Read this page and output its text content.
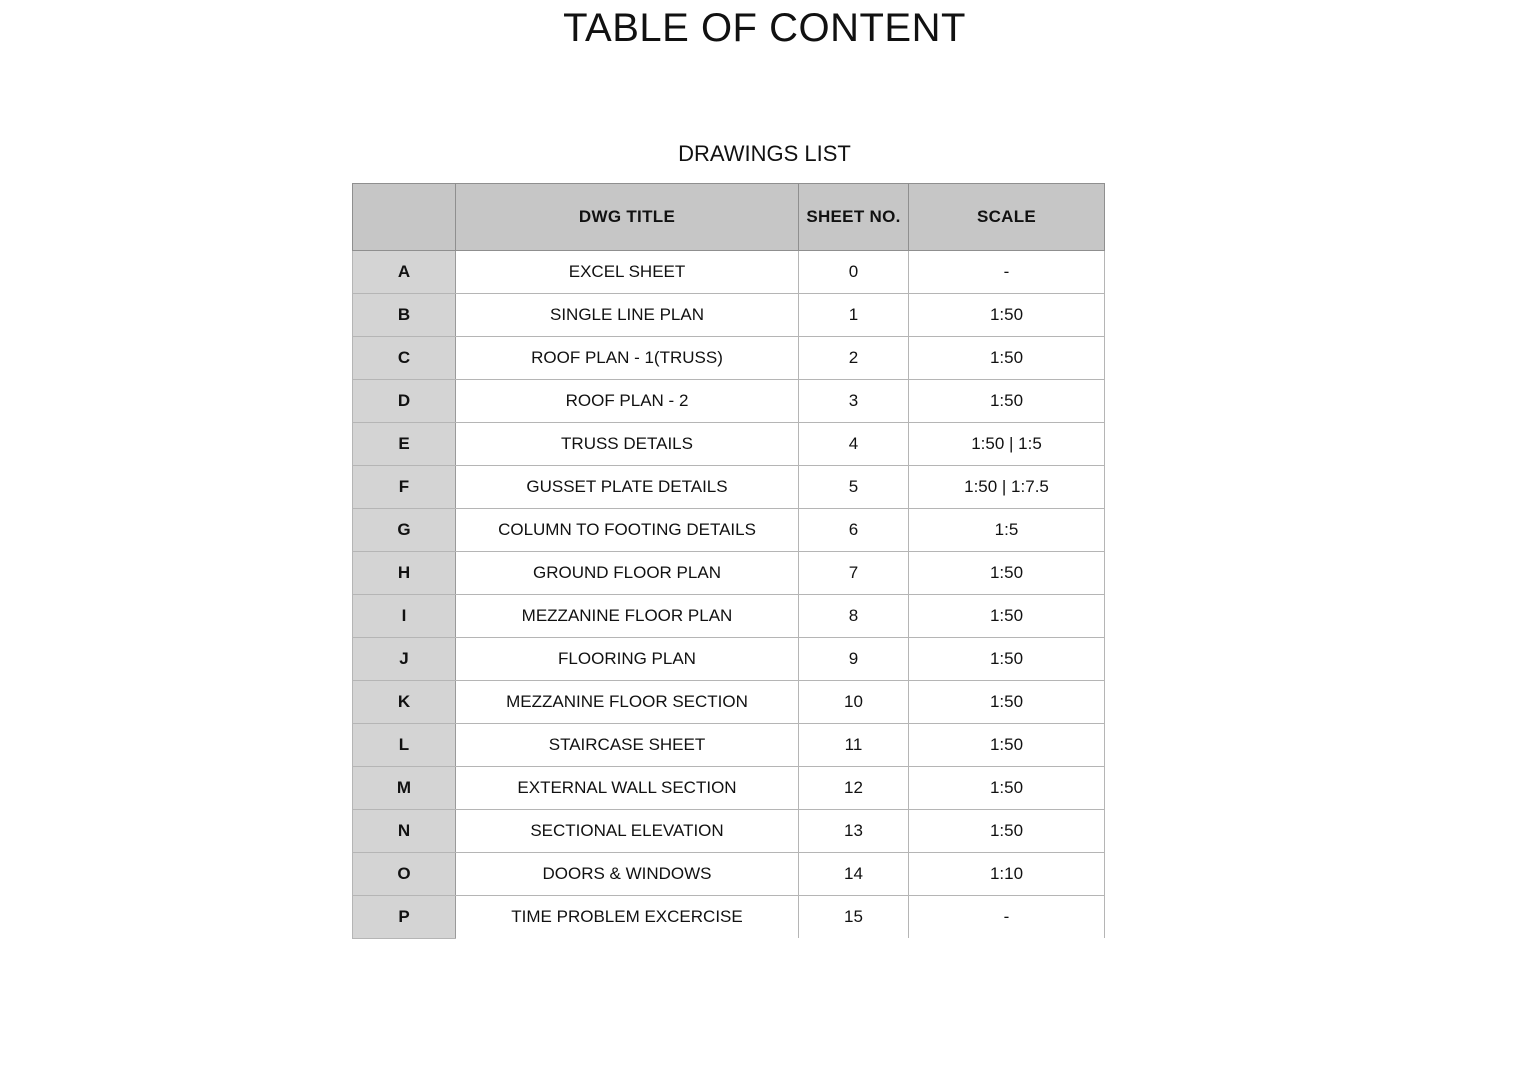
TABLE OF CONTENT
DRAWINGS LIST
	DWG TITLE	SHEET NO.	SCALE
A	EXCEL SHEET	0	-
B	SINGLE LINE PLAN	1	1:50
C	ROOF PLAN - 1(TRUSS)	2	1:50
D	ROOF PLAN - 2	3	1:50
E	TRUSS DETAILS	4	1:50 | 1:5
F	GUSSET PLATE DETAILS	5	1:50 | 1:7.5
G	COLUMN TO FOOTING DETAILS	6	1:5
H	GROUND FLOOR PLAN	7	1:50
I	MEZZANINE FLOOR PLAN	8	1:50
J	FLOORING PLAN	9	1:50
K	MEZZANINE FLOOR SECTION	10	1:50
L	STAIRCASE SHEET	11	1:50
M	EXTERNAL WALL SECTION	12	1:50
N	SECTIONAL ELEVATION	13	1:50
O	DOORS & WINDOWS	14	1:10
P	TIME PROBLEM EXCERCISE	15	-
